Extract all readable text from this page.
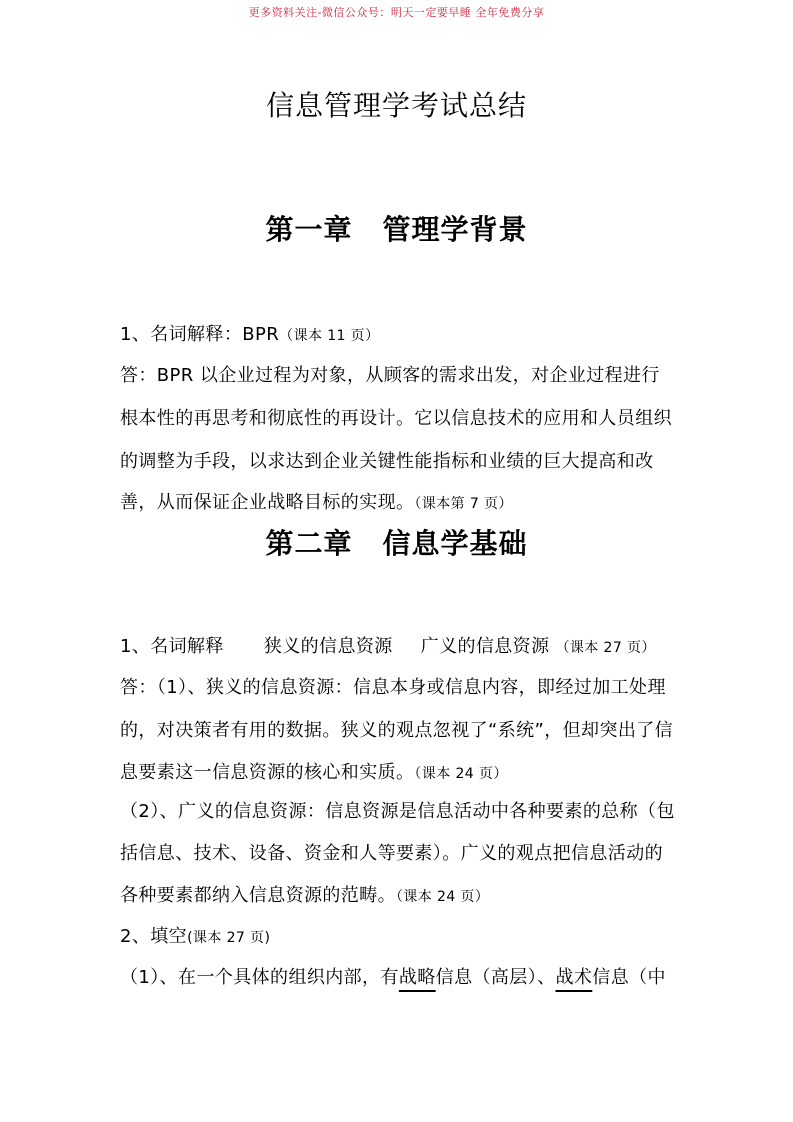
更多资料关注-微信公众号：明天一定要早睡 全年免费分享
信息管理学考试总结
第一章 管理学背景
1、名词解释：BPR（课本 11 页）
答：BPR 以企业过程为对象，从顾客的需求出发，对企业过程进行
根本性的再思考和彻底性的再设计。它以信息技术的应用和人员组织
的调整为手段，以求达到企业关键性能指标和业绩的巨大提高和改
善，从而保证企业战略目标的实现。（课本第 7 页）
第二章 信息学基础
1、名词解释 狭义的信息资源 广义的信息资源 （课本 27 页）
答：（1）、狭义的信息资源：信息本身或信息内容，即经过加工处理
的，对决策者有用的数据。狭义的观点忽视了“系统”，但却突出了信
息要素这一信息资源的核心和实质。（课本 24 页）
（2）、广义的信息资源：信息资源是信息活动中各种要素的总称（包
括信息、技术、设备、资金和人等要素）。广义的观点把信息活动的
各种要素都纳入信息资源的范畴。（课本 24 页）
2、填空(课本 27 页)
（1）、在一个具体的组织内部，有战略信息（高层）、战术信息（中
